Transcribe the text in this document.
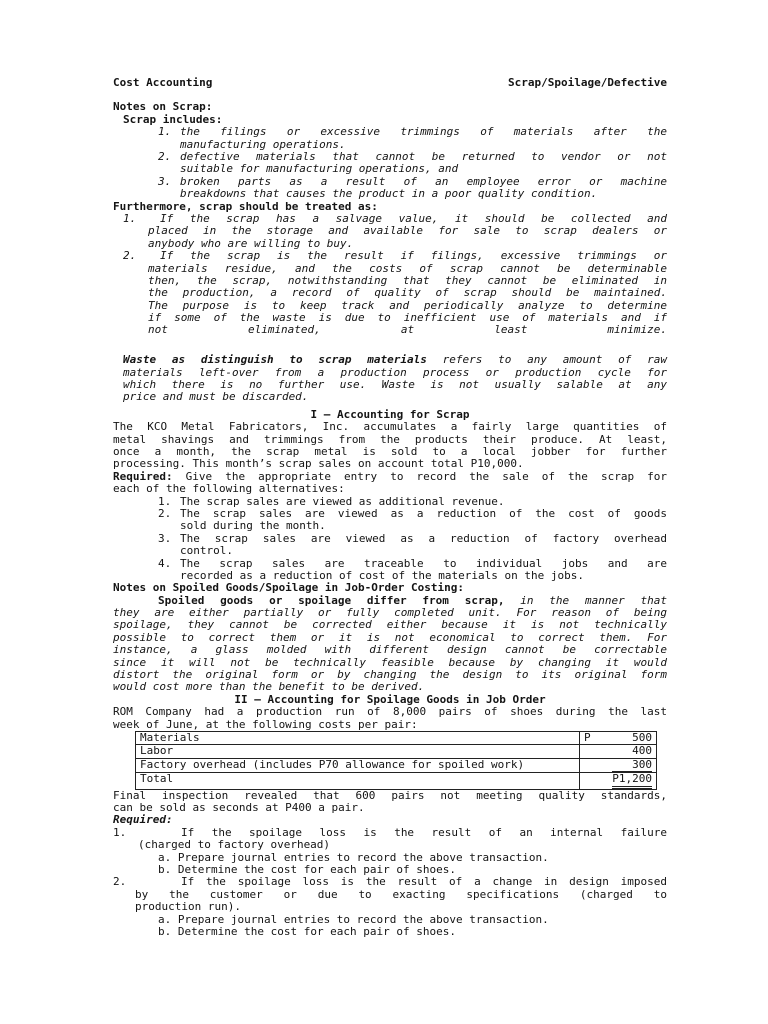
Cost Accounting	Scrap/Spoilage/Defective
Notes on Scrap:
Scrap includes:
1. the filings or excessive trimmings of materials after the
manufacturing operations.
2. defective materials that cannot be returned to vendor or not
suitable for manufacturing operations, and
3. broken parts as a result of an employee error or machine
breakdowns that causes the product in a poor quality condition.
Furthermore, scrap should be treated as:
1.	If the scrap has a salvage value, it should be collected and
placed in the storage and available for sale to scrap dealers or
anybody who are willing to buy.
2.	If the scrap is the result if filings, excessive trimmings or
materials residue, and the costs of scrap cannot be determinable
then, the scrap, notwithstanding that they cannot be eliminated in
the production, a record of quality of scrap should be maintained.
The purpose is to keep track and periodically analyze to determine
if some of the waste is due to inefficient use of materials and if
not eliminated, at least minimize.
Waste as distinguish to scrap materials refers to any amount of raw
materials left-over from a production process or production cycle for
which there is no further use. Waste is not usually salable at any
price and must be discarded.
I – Accounting for Scrap
The KCO Metal Fabricators, Inc. accumulates a fairly large quantities of
metal shavings and trimmings from the products their produce. At least,
once a month, the scrap metal is sold to a local jobber for further
processing. This month’s scrap sales on account total P10,000.
Required: Give the appropriate entry to record the sale of the scrap for
each of the following alternatives:
1. The scrap sales are viewed as additional revenue.
2. The scrap sales are viewed as a reduction of the cost of goods
sold during the month.
3. The scrap sales are viewed as a reduction of factory overhead
control.
4. The scrap sales are traceable to individual jobs and are
recorded as a reduction of cost of the materials on the jobs.
Notes on Spoiled Goods/Spoilage in Job-Order Costing:
Spoiled goods or spoilage differ from scrap, in the manner that
they are either partially or fully completed unit. For reason of being
spoilage, they cannot be corrected either because it is not technically
possible to correct them or it is not economical to correct them. For
instance, a glass molded with different design cannot be correctable
since it will not be technically feasible because by changing it would
distort the original form or by changing the design to its original form
would cost more than the benefit to be derived.
II – Accounting for Spoilage Goods in Job Order
ROM Company had a production run of 8,000 pairs of shoes during the last
week of June, at the following costs per pair:
Materials	P 500
Labor	400
Factory overhead (includes P70 allowance for spoiled work)	300
Total	P1,200
Final inspection revealed that 600 pairs not meeting quality standards,
can be sold as seconds at P400 a pair.
Required:
1.	If the spoilage loss is the result of an internal failure
(charged to factory overhead)
a. Prepare journal entries to record the above transaction.
b. Determine the cost for each pair of shoes.
2.	If the spoilage loss is the result of a change in design imposed
by the customer or due to exacting specifications (charged to
production run).
a. Prepare journal entries to record the above transaction.
b. Determine the cost for each pair of shoes.
